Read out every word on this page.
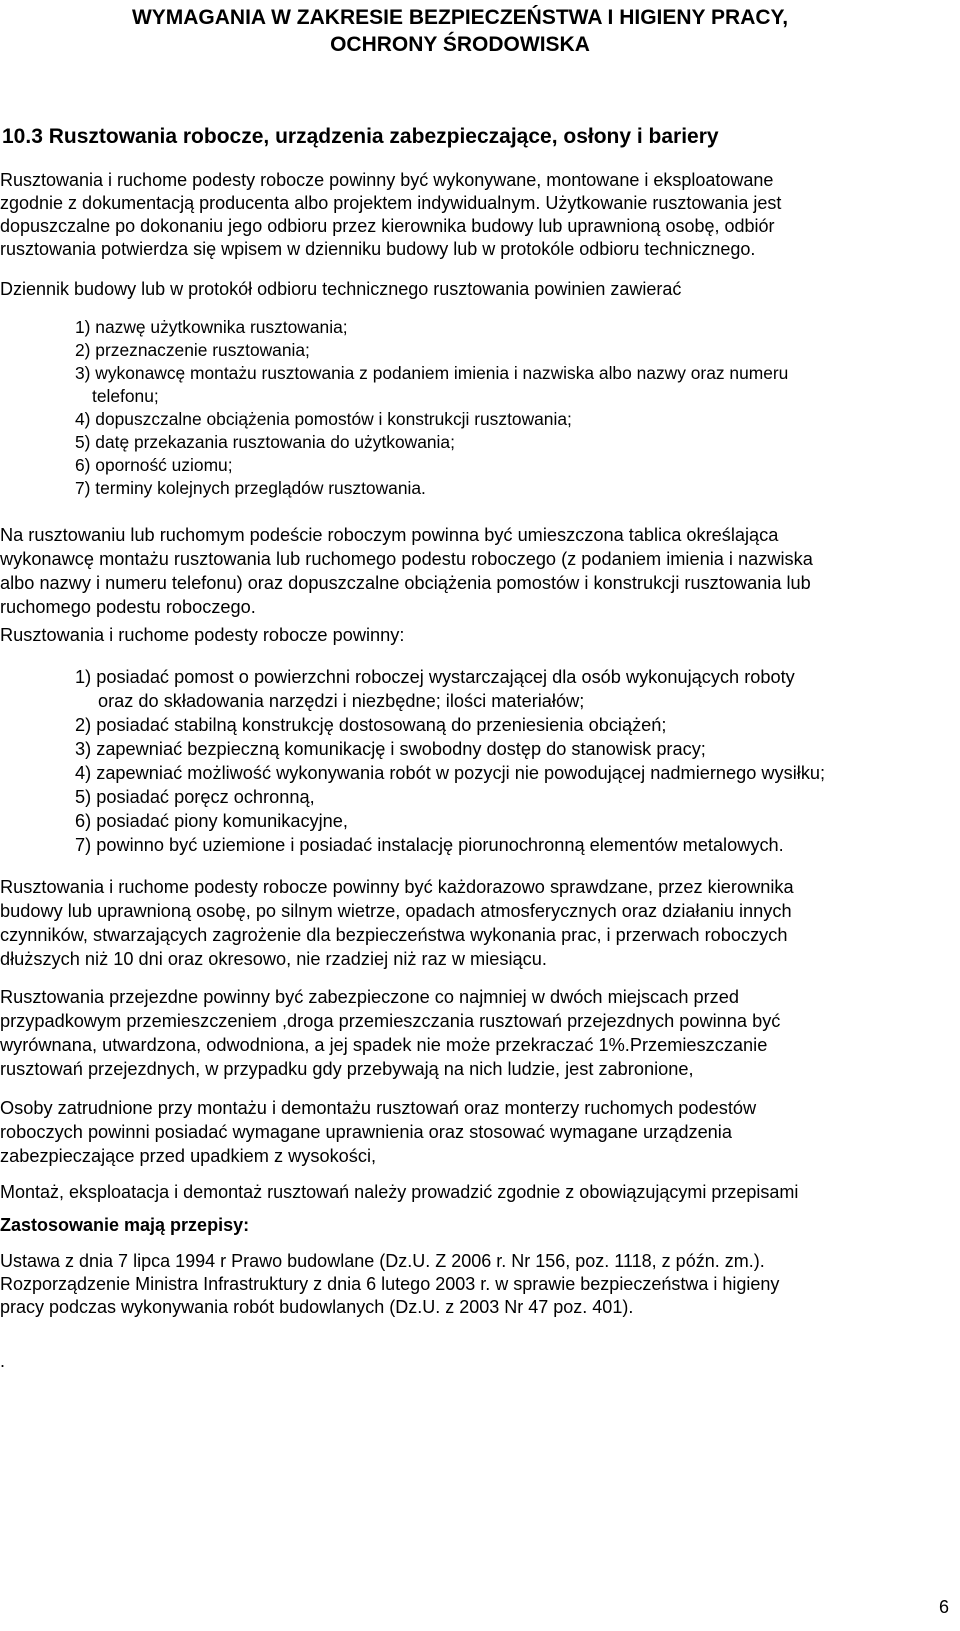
WYMAGANIA W ZAKRESIE BEZPIECZEŃSTWA I HIGIENY PRACY,
OCHRONY ŚRODOWISKA
10.3 Rusztowania robocze, urządzenia zabezpieczające, osłony i bariery
Rusztowania i ruchome podesty robocze powinny być wykonywane, montowane i eksploatowane
zgodnie z dokumentacją producenta albo projektem indywidualnym. Użytkowanie rusztowania jest
dopuszczalne po dokonaniu jego odbioru przez kierownika budowy lub uprawnioną osobę, odbiór
rusztowania potwierdza się wpisem w dzienniku budowy lub w protokóle odbioru technicznego.
Dziennik budowy lub w protokół odbioru technicznego rusztowania powinien zawierać
1) nazwę użytkownika rusztowania;
2) przeznaczenie rusztowania;
3) wykonawcę montażu rusztowania z podaniem imienia i nazwiska albo nazwy oraz numeru
telefonu;
4) dopuszczalne obciążenia pomostów i konstrukcji rusztowania;
5) datę przekazania rusztowania do użytkowania;
6) oporność uziomu;
7) terminy kolejnych przeglądów rusztowania.
Na rusztowaniu lub ruchomym podeście roboczym powinna być umieszczona tablica określająca
wykonawcę montażu rusztowania lub ruchomego podestu roboczego (z podaniem imienia i nazwiska
albo nazwy i numeru telefonu) oraz dopuszczalne obciążenia pomostów i konstrukcji rusztowania lub
ruchomego podestu roboczego.
Rusztowania i ruchome podesty robocze powinny:
1) posiadać pomost o powierzchni roboczej wystarczającej dla osób wykonujących roboty
oraz do składowania narzędzi i niezbędne; ilości materiałów;
2) posiadać stabilną konstrukcję dostosowaną do przeniesienia obciążeń;
3) zapewniać bezpieczną komunikację i swobodny dostęp do stanowisk pracy;
4) zapewniać możliwość wykonywania robót w pozycji nie powodującej nadmiernego wysiłku;
5) posiadać poręcz ochronną,
6) posiadać piony komunikacyjne,
7) powinno być uziemione i posiadać instalację piorunochronną elementów metalowych.
Rusztowania i ruchome podesty robocze powinny być każdorazowo sprawdzane, przez kierownika
budowy lub uprawnioną osobę, po silnym wietrze, opadach atmosferycznych oraz działaniu innych
czynników, stwarzających zagrożenie dla bezpieczeństwa wykonania prac, i przerwach roboczych
dłuższych niż 10 dni oraz okresowo, nie rzadziej niż raz w miesiącu.
Rusztowania przejezdne powinny być zabezpieczone co najmniej w dwóch miejscach przed
przypadkowym przemieszczeniem ,droga przemieszczania rusztowań przejezdnych powinna być
wyrównana, utwardzona, odwodniona, a jej spadek nie może przekraczać 1%.Przemieszczanie
rusztowań przejezdnych, w przypadku gdy przebywają na nich ludzie, jest zabronione,
Osoby zatrudnione przy montażu i demontażu rusztowań oraz monterzy ruchomych podestów
roboczych powinni posiadać wymagane uprawnienia oraz stosować wymagane urządzenia
zabezpieczające przed upadkiem z wysokości,
Montaż, eksploatacja i demontaż rusztowań należy prowadzić zgodnie z obowiązującymi przepisami
Zastosowanie mają przepisy:
Ustawa z dnia 7 lipca 1994 r Prawo budowlane (Dz.U. Z 2006 r. Nr 156, poz. 1118, z późn. zm.).
Rozporządzenie Ministra Infrastruktury z dnia 6 lutego 2003 r. w sprawie bezpieczeństwa i higieny
pracy podczas wykonywania robót budowlanych (Dz.U. z 2003 Nr 47 poz. 401).
.
6
